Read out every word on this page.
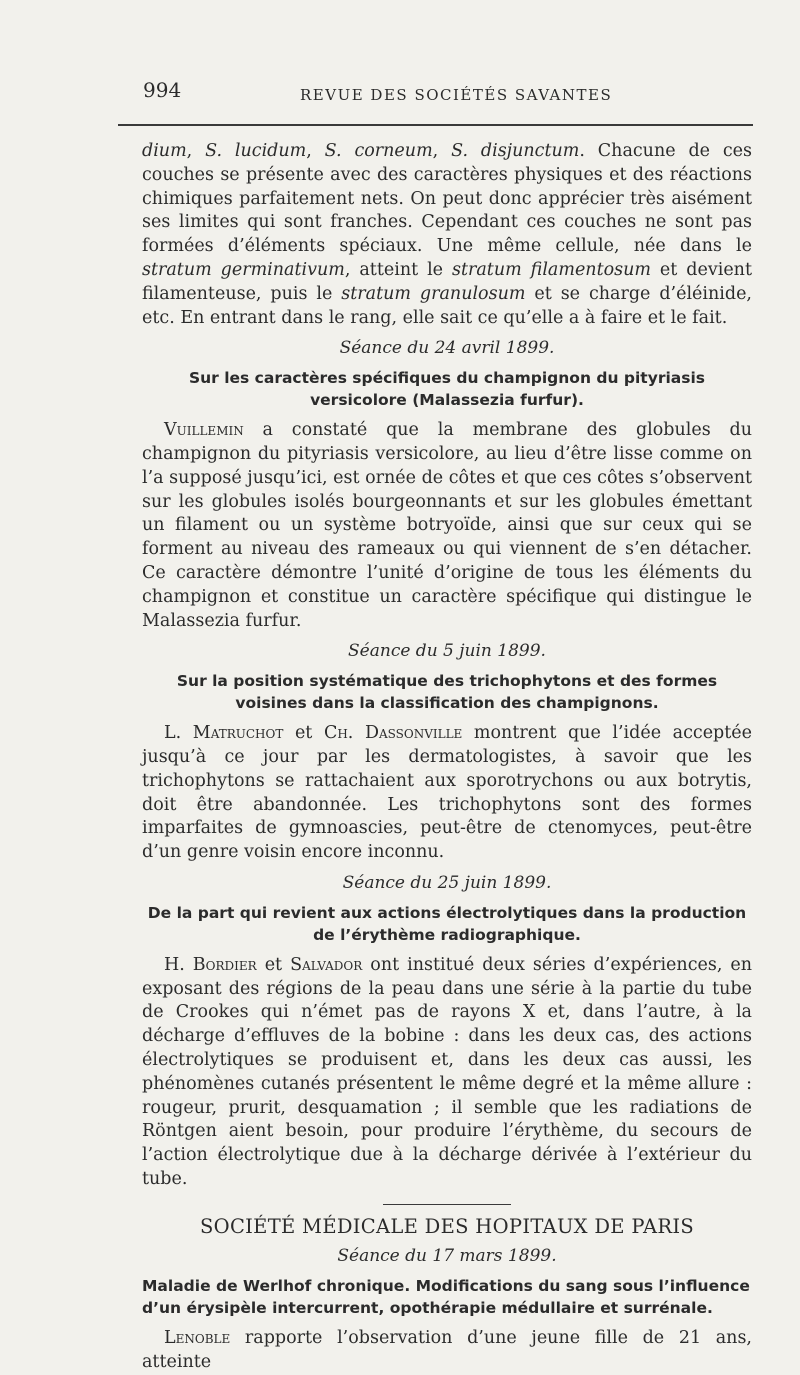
994	REVUE DES SOCIÉTÉS SAVANTES

dium, S. lucidum, S. corneum, S. disjunctum. Chacune de ces couches se présente avec des caractères physiques et des réactions chimiques parfaitement nets. On peut donc apprécier très aisément ses limites qui sont franches. Cependant ces couches ne sont pas formées d’éléments spéciaux. Une même cellule, née dans le stratum germinativum, atteint le stratum filamentosum et devient filamenteuse, puis le stratum granulosum et se charge d’éléinide, etc. En entrant dans le rang, elle sait ce qu’elle a à faire et le fait.

Séance du 24 avril 1899.

Sur les caractères spécifiques du champignon du pityriasis versicolore (Malassezia furfur).

Vuillemin a constaté que la membrane des globules du champignon du pityriasis versicolore, au lieu d’être lisse comme on l’a supposé jusqu’ici, est ornée de côtes et que ces côtes s’observent sur les globules isolés bourgeonnants et sur les globules émettant un filament ou un système botryoïde, ainsi que sur ceux qui se forment au niveau des rameaux ou qui viennent de s’en détacher. Ce caractère démontre l’unité d’origine de tous les éléments du champignon et constitue un caractère spécifique qui distingue le Malassezia furfur.

Séance du 5 juin 1899.

Sur la position systématique des trichophytons et des formes voisines dans la classification des champignons.

L. Matruchot et Ch. Dassonville montrent que l’idée acceptée jusqu’à ce jour par les dermatologistes, à savoir que les trichophytons se rattachaient aux sporotrychons ou aux botrytis, doit être abandonnée. Les trichophytons sont des formes imparfaites de gymnoascies, peut-être de ctenomyces, peut-être d’un genre voisin encore inconnu.

Séance du 25 juin 1899.

De la part qui revient aux actions électrolytiques dans la production de l’érythème radiographique.

H. Bordier et Salvador ont institué deux séries d’expériences, en exposant des régions de la peau dans une série à la partie du tube de Crookes qui n’émet pas de rayons X et, dans l’autre, à la décharge d’effluves de la bobine : dans les deux cas, des actions électrolytiques se produisent et, dans les deux cas aussi, les phénomènes cutanés présentent le même degré et la même allure : rougeur, prurit, desquamation ; il semble que les radiations de Röntgen aient besoin, pour produire l’érythème, du secours de l’action électrolytique due à la décharge dérivée à l’extérieur du tube.

SOCIÉTÉ MÉDICALE DES HOPITAUX DE PARIS

Séance du 17 mars 1899.

Maladie de Werlhof chronique. Modifications du sang sous l’influence d’un érysipèle intercurrent, opothérapie médullaire et surrénale.

Lenoble rapporte l’observation d’une jeune fille de 21 ans, atteinte
